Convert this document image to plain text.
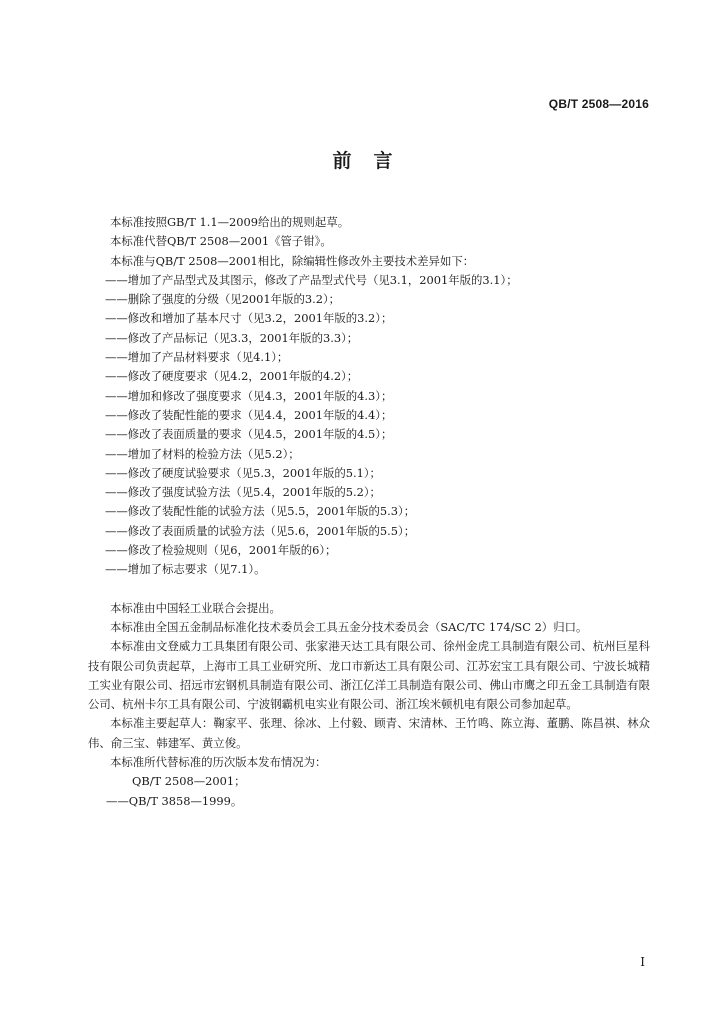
QB/T 2508—2016
前言
本标准按照GB/T 1.1—2009给出的规则起草。
本标准代替QB/T 2508—2001《管子钳》。
本标准与QB/T 2508—2001相比，除编辑性修改外主要技术差异如下：
——增加了产品型式及其图示，修改了产品型式代号（见3.1，2001年版的3.1）；
——删除了强度的分级（见2001年版的3.2）；
——修改和增加了基本尺寸（见3.2，2001年版的3.2）；
——修改了产品标记（见3.3，2001年版的3.3）；
——增加了产品材料要求（见4.1）；
——修改了硬度要求（见4.2，2001年版的4.2）；
——增加和修改了强度要求（见4.3，2001年版的4.3）；
——修改了装配性能的要求（见4.4，2001年版的4.4）；
——修改了表面质量的要求（见4.5，2001年版的4.5）；
——增加了材料的检验方法（见5.2）；
——修改了硬度试验要求（见5.3，2001年版的5.1）；
——修改了强度试验方法（见5.4，2001年版的5.2）；
——修改了装配性能的试验方法（见5.5，2001年版的5.3）；
——修改了表面质量的试验方法（见5.6，2001年版的5.5）；
——修改了检验规则（见6，2001年版的6）；
——增加了标志要求（见7.1）。
本标准由中国轻工业联合会提出。
本标准由全国五金制品标准化技术委员会工具五金分技术委员会（SAC/TC 174/SC 2）归口。
本标准由文登威力工具集团有限公司、张家港天达工具有限公司、徐州金虎工具制造有限公司、杭州巨星科技有限公司负责起草，上海市工具工业研究所、龙口市新达工具有限公司、江苏宏宝工具有限公司、宁波长城精工实业有限公司、招远市宏钢机具制造有限公司、浙江亿洋工具制造有限公司、佛山市鹰之印五金工具制造有限公司、杭州卡尔工具有限公司、宁波钢霸机电实业有限公司、浙江埃米顿机电有限公司参加起草。
本标准主要起草人：鞠家平、张理、徐冰、上付毅、顾青、宋清林、王竹鸣、陈立海、董鹏、陈昌祺、林众伟、俞三宝、韩建军、黄立俊。
本标准所代替标准的历次版本发布情况为：
QB/T 2508—2001；
——QB/T 3858—1999。
I
